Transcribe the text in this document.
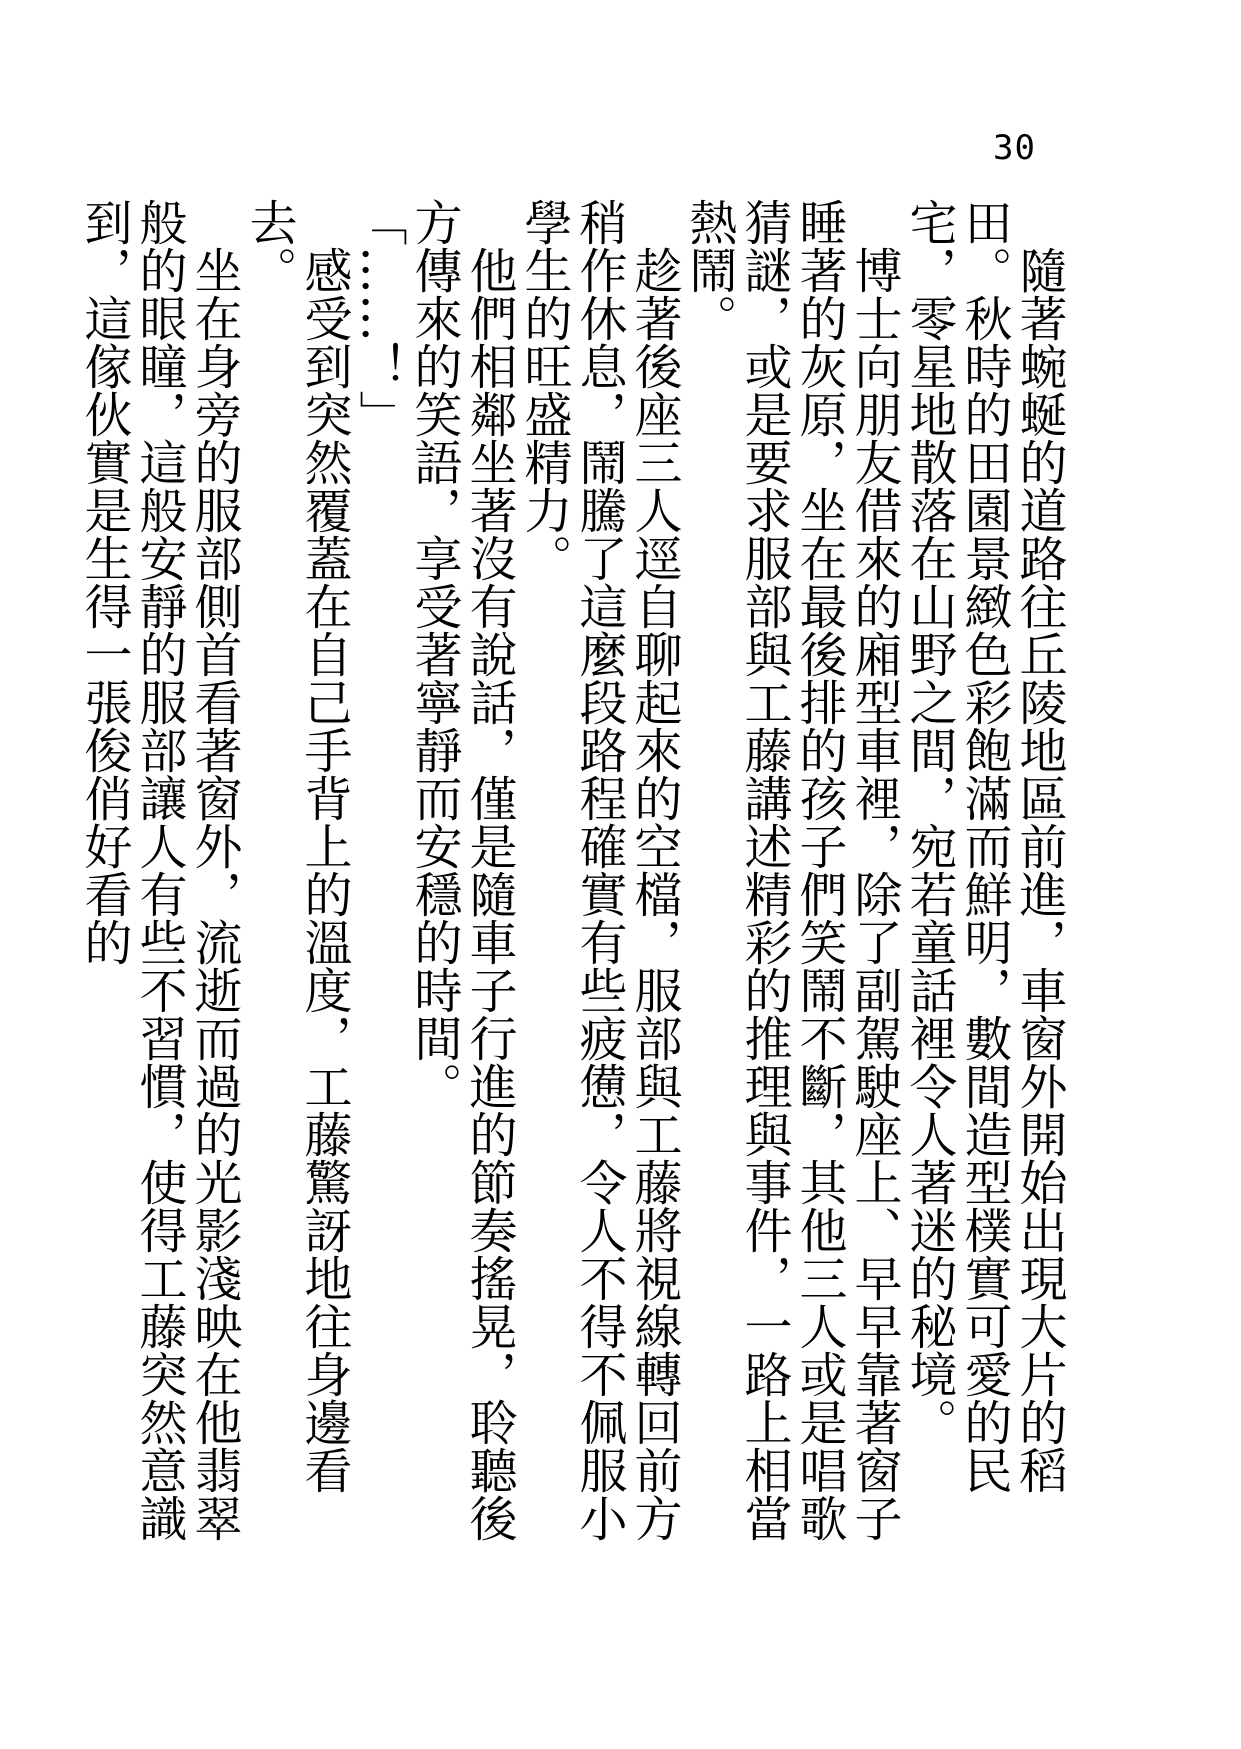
30

隨著蜿蜒的道路往丘陵地區前進，車窗外開始出現大片的稻田。秋時的田園景緻色彩飽滿而鮮明，數間造型樸實可愛的民宅，零星地散落在山野之間，宛若童話裡令人著迷的秘境。

博士向朋友借來的廂型車裡，除了副駕駛座上、早早靠著窗子睡著的灰原，坐在最後排的孩子們笑鬧不斷，其他三人或是唱歌猜謎，或是要求服部與工藤講述精彩的推理與事件，一路上相當熱鬧。

趁著後座三人逕自聊起來的空檔，服部與工藤將視線轉回前方稍作休息，鬧騰了這麼段路程確實有些疲憊，令人不得不佩服小學生的旺盛精力。

他們相鄰坐著沒有說話，僅是隨車子行進的節奏搖晃，聆聽後方傳來的笑語，享受著寧靜而安穩的時間。

「……！」

感受到突然覆蓋在自己手背上的溫度，工藤驚訝地往身邊看去。

坐在身旁的服部側首看著窗外，流逝而過的光影淺映在他翡翠般的眼瞳，這般安靜的服部讓人有些不習慣，使得工藤突然意識到，這傢伙實是生得一張俊俏好看的
